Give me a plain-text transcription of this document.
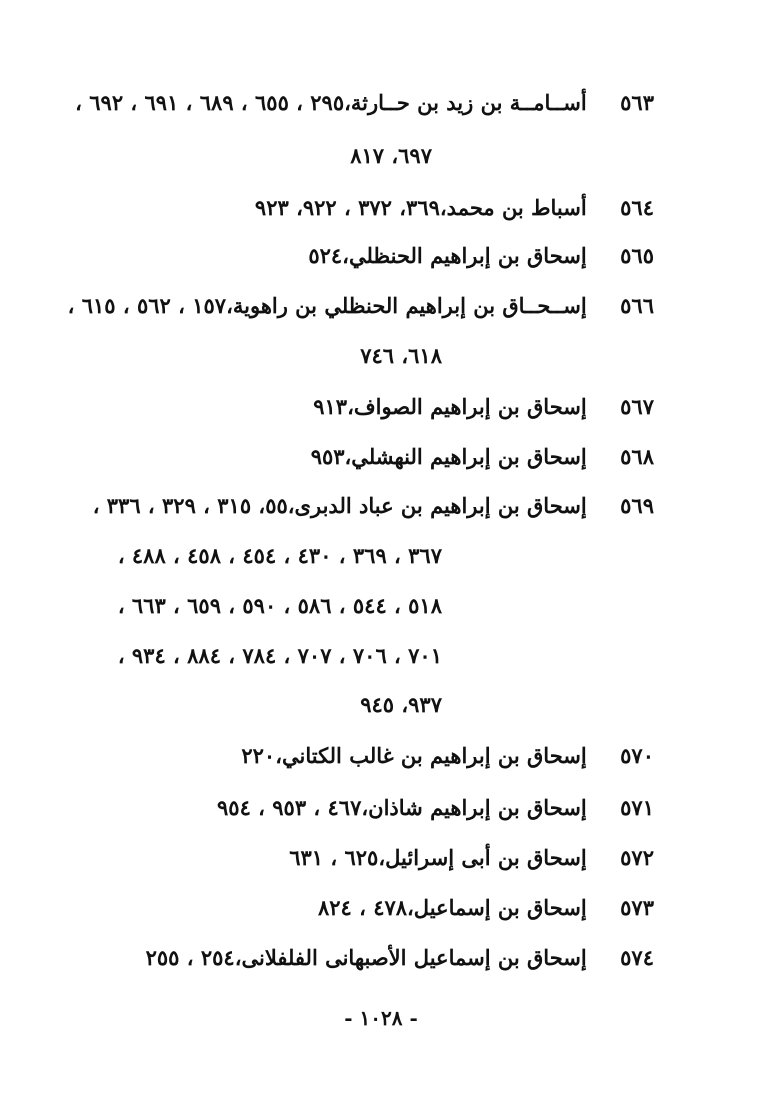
٥٦٣ أســامــة بن زيد بن حــارثة،٢٩٥ ، ٦٥٥ ، ٦٨٩ ، ٦٩١ ، ٦٩٢ ،
٦٩٧، ٨١٧
٥٦٤ أسباط بن محمد،٣٦٩، ٣٧٢ ، ٩٢٢، ٩٢٣
٥٦٥ إسحاق بن إبراهيم الحنظلي،٥٢٤
٥٦٦ إســحــاق بن إبراهيم الحنظلي بن راهوية،١٥٧ ، ٥٦٢ ، ٦١٥ ،
٦١٨، ٧٤٦
٥٦٧ إسحاق بن إبراهيم الصواف،٩١٣
٥٦٨ إسحاق بن إبراهيم النهشلي،٩٥٣
٥٦٩ إسحاق بن إبراهيم بن عباد الدبرى،٥٥، ٣١٥ ، ٣٢٩ ، ٣٣٦ ،
٣٦٧ ، ٣٦٩ ، ٤٣٠ ، ٤٥٤ ، ٤٥٨ ، ٤٨٨ ،
٥١٨ ، ٥٤٤ ، ٥٨٦ ، ٥٩٠ ، ٦٥٩ ، ٦٦٣ ،
٧٠١ ، ٧٠٦ ، ٧٠٧ ، ٧٨٤ ، ٨٨٤ ، ٩٣٤ ،
٩٣٧، ٩٤٥
٥٧٠ إسحاق بن إبراهيم بن غالب الكتاني،٢٢٠
٥٧١ إسحاق بن إبراهيم شاذان،٤٦٧ ، ٩٥٣ ، ٩٥٤
٥٧٢ إسحاق بن أبى إسرائيل،٦٢٥ ، ٦٣١
٥٧٣ إسحاق بن إسماعيل،٤٧٨ ، ٨٢٤
٥٧٤ إسحاق بن إسماعيل الأصبهانى الفلفلانى،٢٥٤ ، ٢٥٥
- ١٠٢٨ -
